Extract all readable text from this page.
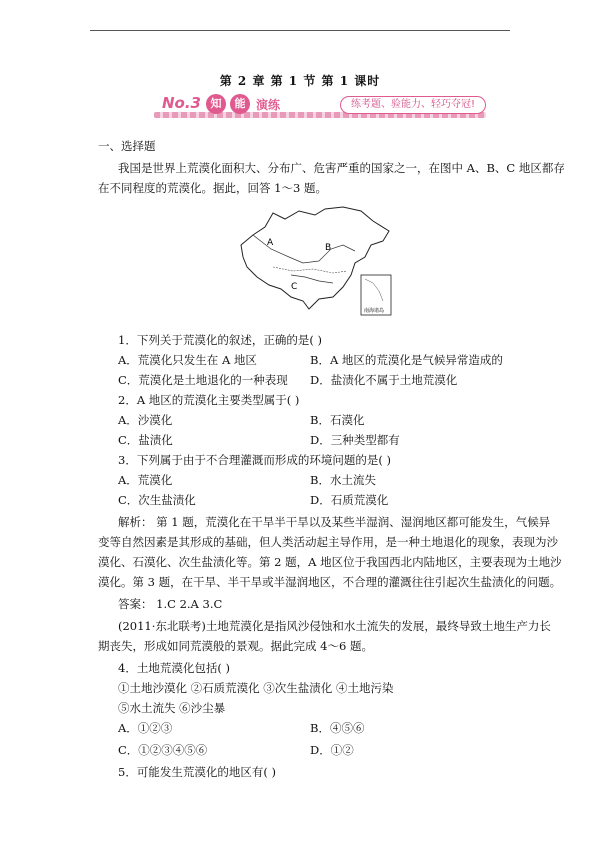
第 2 章 第 1 节 第 1 课时
No.3 知	能 演练	练考题、验能力、轻巧夺冠!
一、选择题
我国是世界上荒漠化面积大、分布广、危害严重的国家之一，在图中 A、B、C 地区都存
在不同程度的荒漠化。据此，回答 1～3 题。
A	B
C
南海诸岛
1．下列关于荒漠化的叙述，正确的是( )
A．荒漠化只发生在 A 地区	B．A 地区的荒漠化是气候异常造成的
C．荒漠化是土地退化的一种表现 D．盐渍化不属于土地荒漠化
2．A 地区的荒漠化主要类型属于( )
A．沙漠化	B．石漠化
C．盐渍化	D．三种类型都有
3．下列属于由于不合理灌溉而形成的环境问题的是( )
A．荒漠化	B．水土流失
C．次生盐渍化	D．石质荒漠化
解析： 第 1 题，荒漠化在干旱半干旱以及某些半湿润、湿润地区都可能发生，气候异
变等自然因素是其形成的基础，但人类活动起主导作用，是一种土地退化的现象，表现为沙
漠化、石漠化、次生盐渍化等。第 2 题，A 地区位于我国西北内陆地区，主要表现为土地沙
漠化。第 3 题，在干旱、半干旱或半湿润地区，不合理的灌溉往往引起次生盐渍化的问题。
答案： 1.C 2.A 3.C
(2011·东北联考)土地荒漠化是指风沙侵蚀和水土流失的发展，最终导致土地生产力长
期丧失，形成如同荒漠般的景观。据此完成 4～6 题。
4．土地荒漠化包括( )
①土地沙漠化 ②石质荒漠化 ③次生盐渍化 ④土地污染
⑤水土流失 ⑥沙尘暴
A．①②③	B．④⑤⑥
C．①②③④⑤⑥	D．①②
5．可能发生荒漠化的地区有( )
